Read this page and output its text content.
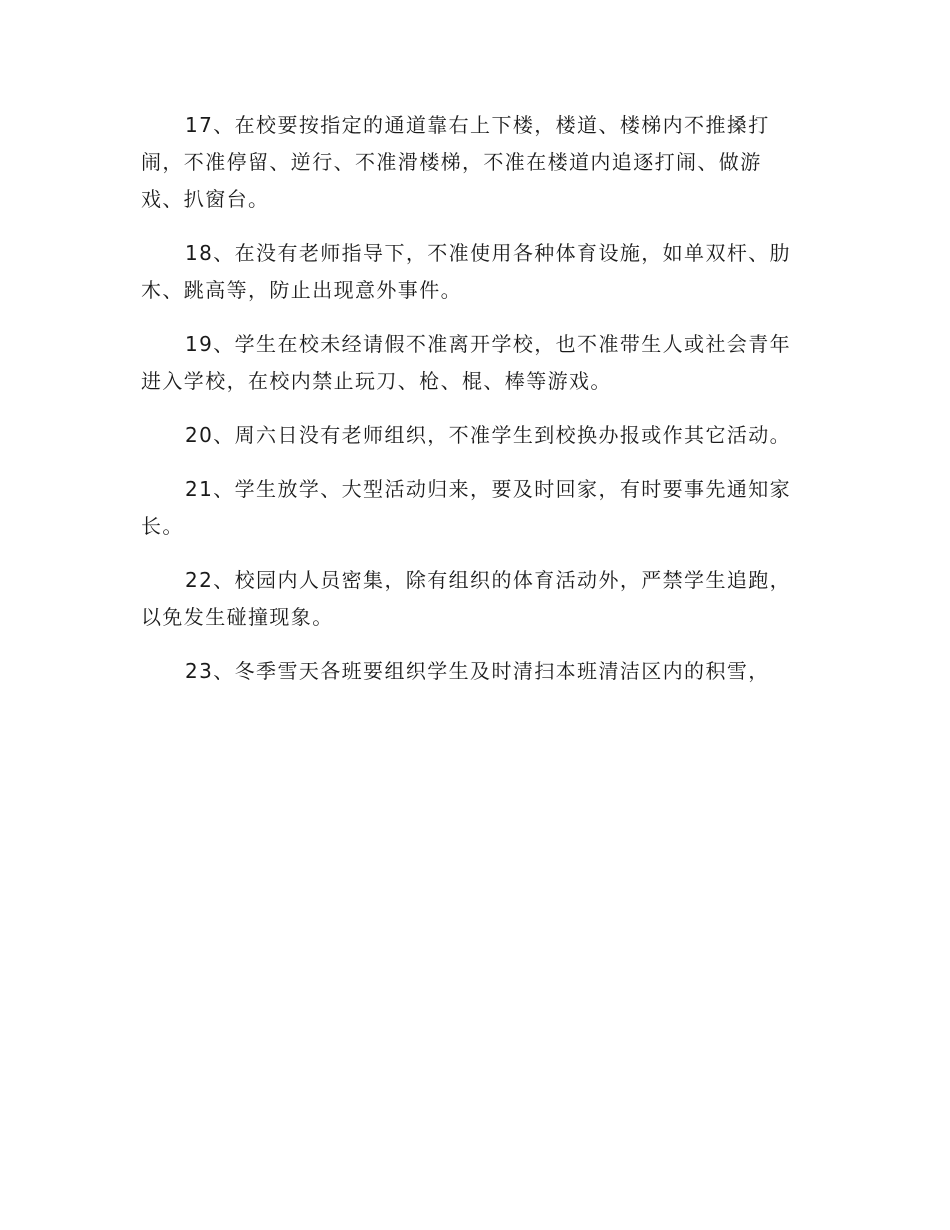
17、在校要按指定的通道靠右上下楼，楼道、楼梯内不推搡打闹，不准停留、逆行、不准滑楼梯，不准在楼道内追逐打闹、做游戏、扒窗台。

18、在没有老师指导下，不准使用各种体育设施，如单双杆、肋木、跳高等，防止出现意外事件。

19、学生在校未经请假不准离开学校，也不准带生人或社会青年进入学校，在校内禁止玩刀、枪、棍、棒等游戏。

20、周六日没有老师组织，不准学生到校换办报或作其它活动。

21、学生放学、大型活动归来，要及时回家，有时要事先通知家长。

22、校园内人员密集，除有组织的体育活动外，严禁学生追跑，以免发生碰撞现象。

23、冬季雪天各班要组织学生及时清扫本班清洁区内的积雪，
